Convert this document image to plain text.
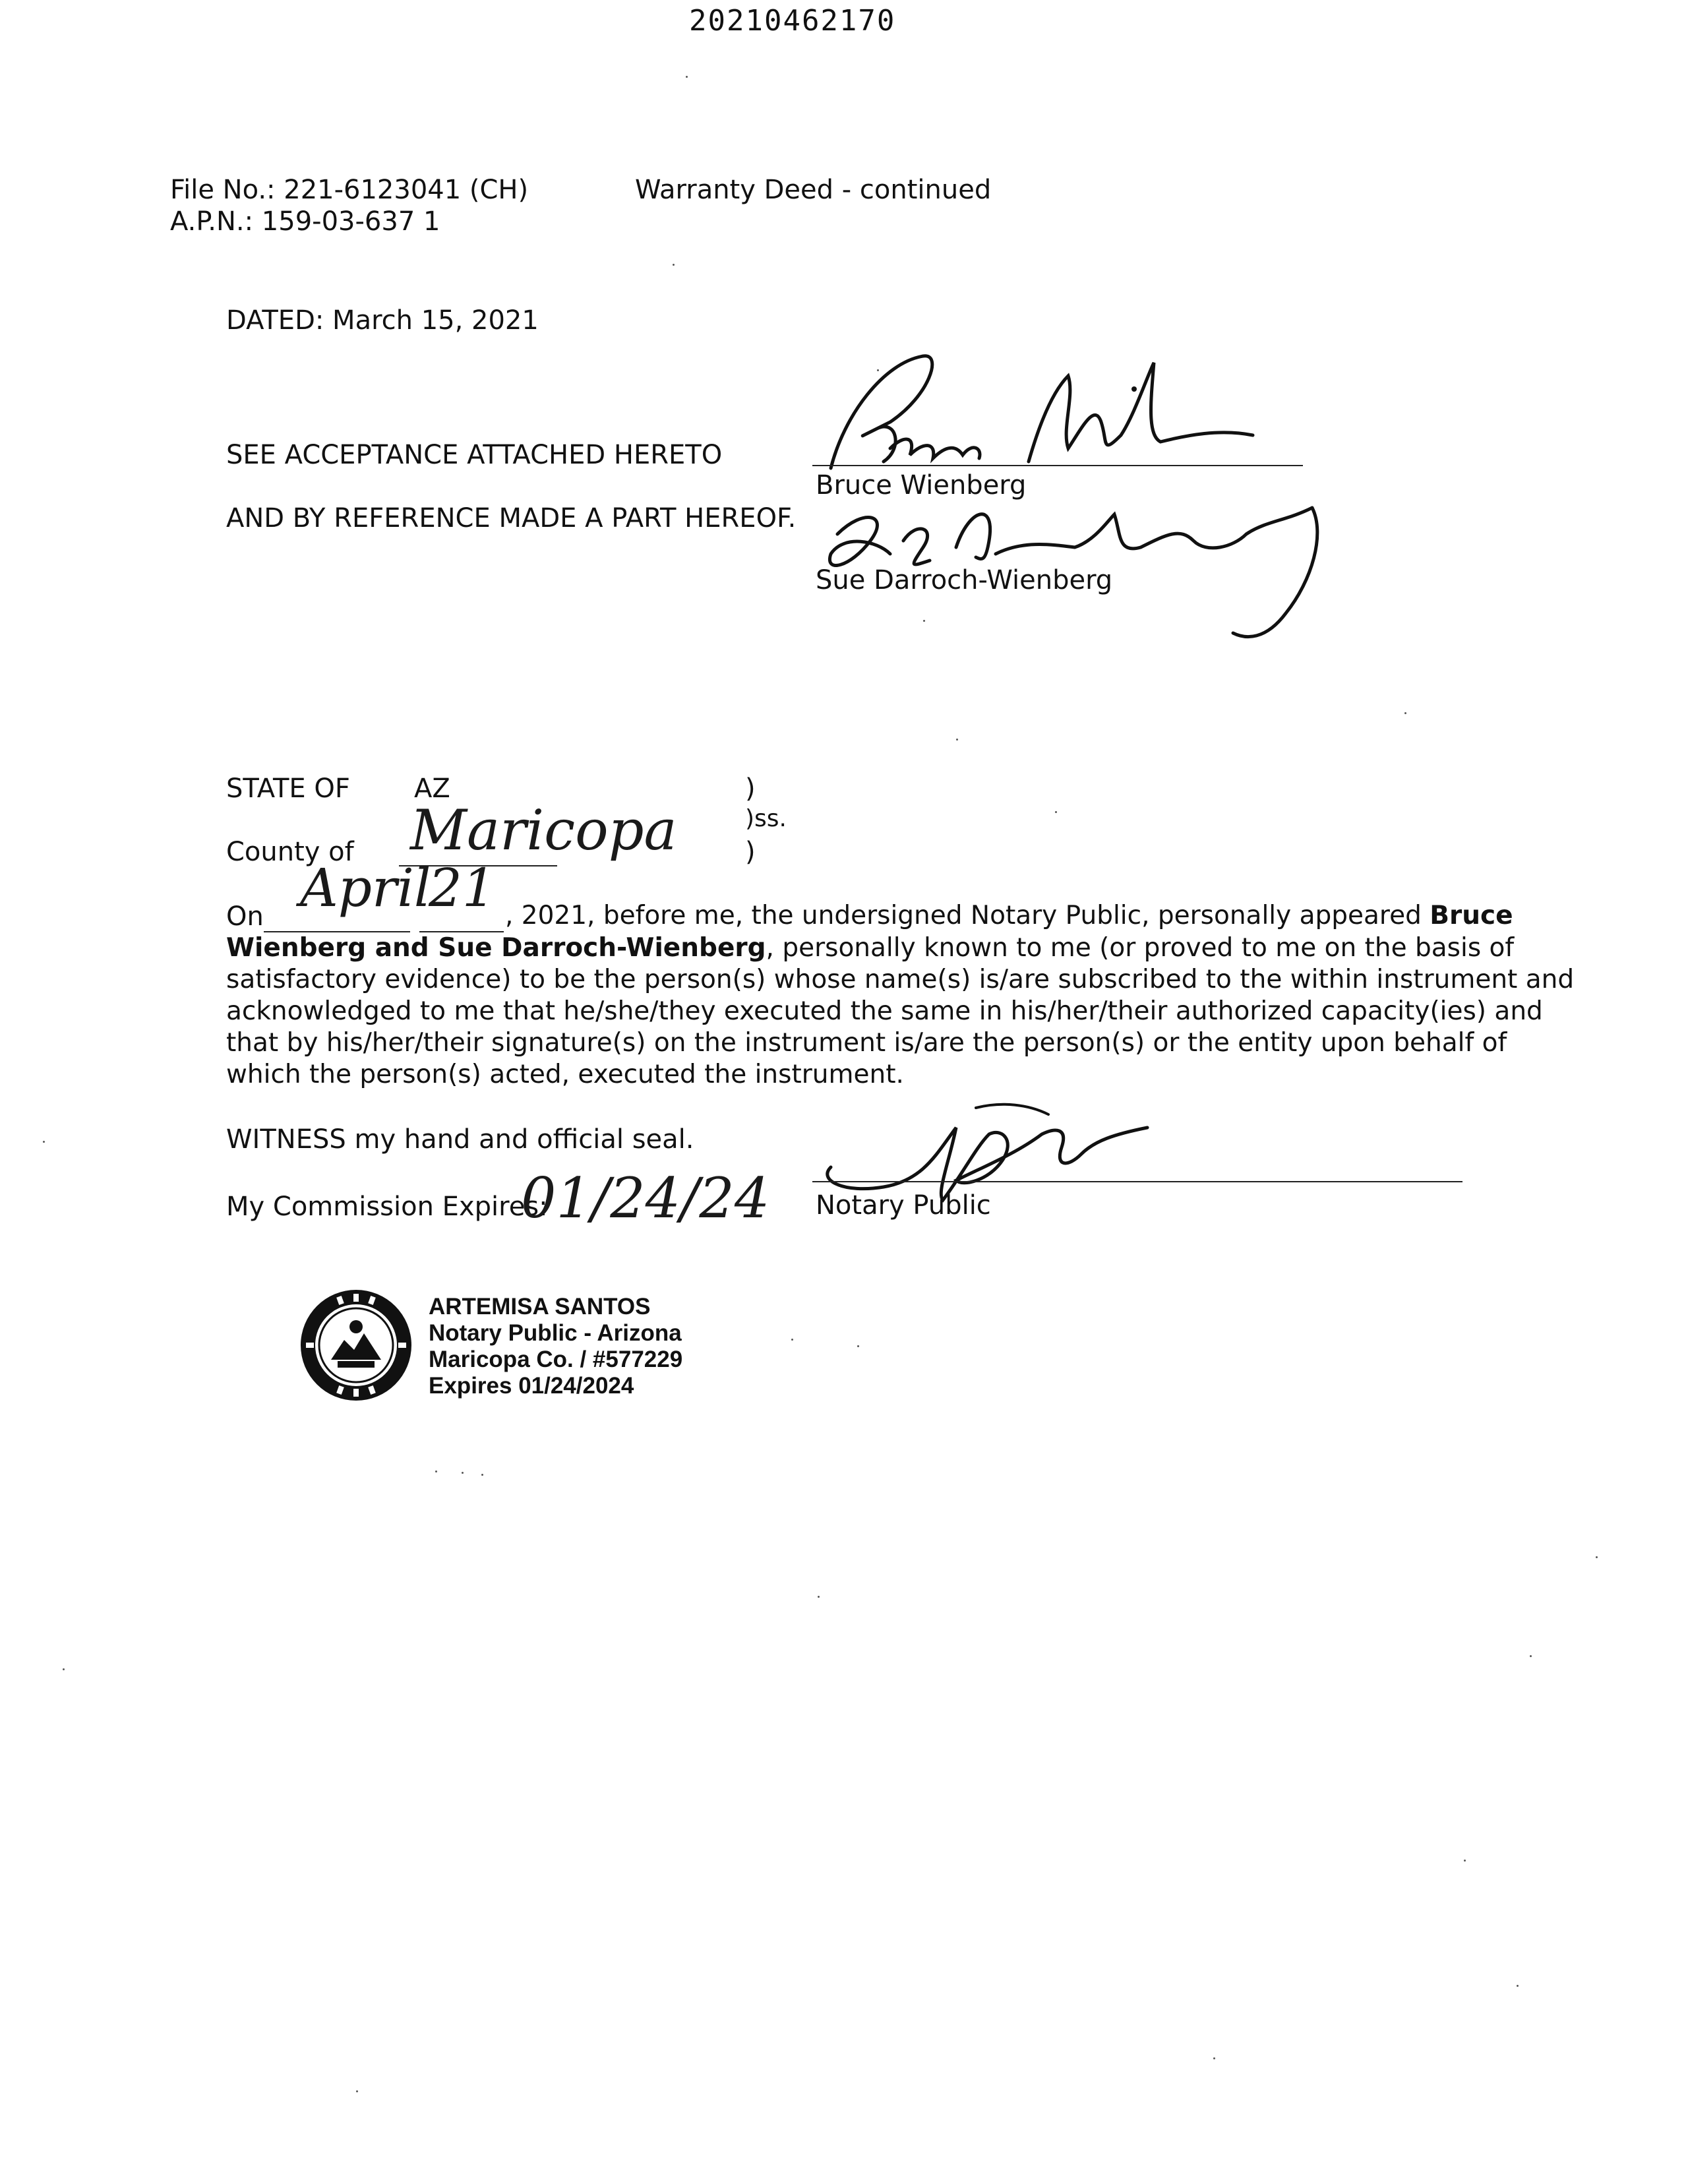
20210462170
File No.: 221-6123041 (CH)
A.P.N.: 159-03-637 1
Warranty Deed - continued
DATED: March 15, 2021
SEE ACCEPTANCE ATTACHED HERETO
AND BY REFERENCE MADE A PART HEREOF.
Bruce Wienberg
Sue Darroch-Wienberg
STATE OF AZ
County of Maricopa
)
)ss.
)
On April
21 , 2021, before me, the undersigned Notary Public, personally appeared Bruce
Wienberg and Sue Darroch-Wienberg, personally known to me (or proved to me on the basis of
satisfactory evidence) to be the person(s) whose name(s) is/are subscribed to the within instrument and
acknowledged to me that he/she/they executed the same in his/her/their authorized capacity(ies) and
that by his/her/their signature(s) on the instrument is/are the person(s) or the entity upon behalf of
which the person(s) acted, executed the instrument.
WITNESS my hand and official seal.
My Commission Expires:
01/24/24 Notary Public
ARTEMISA SANTOS
Notary Public - Arizona
Maricopa Co. / #577229
Expires 01/24/2024
